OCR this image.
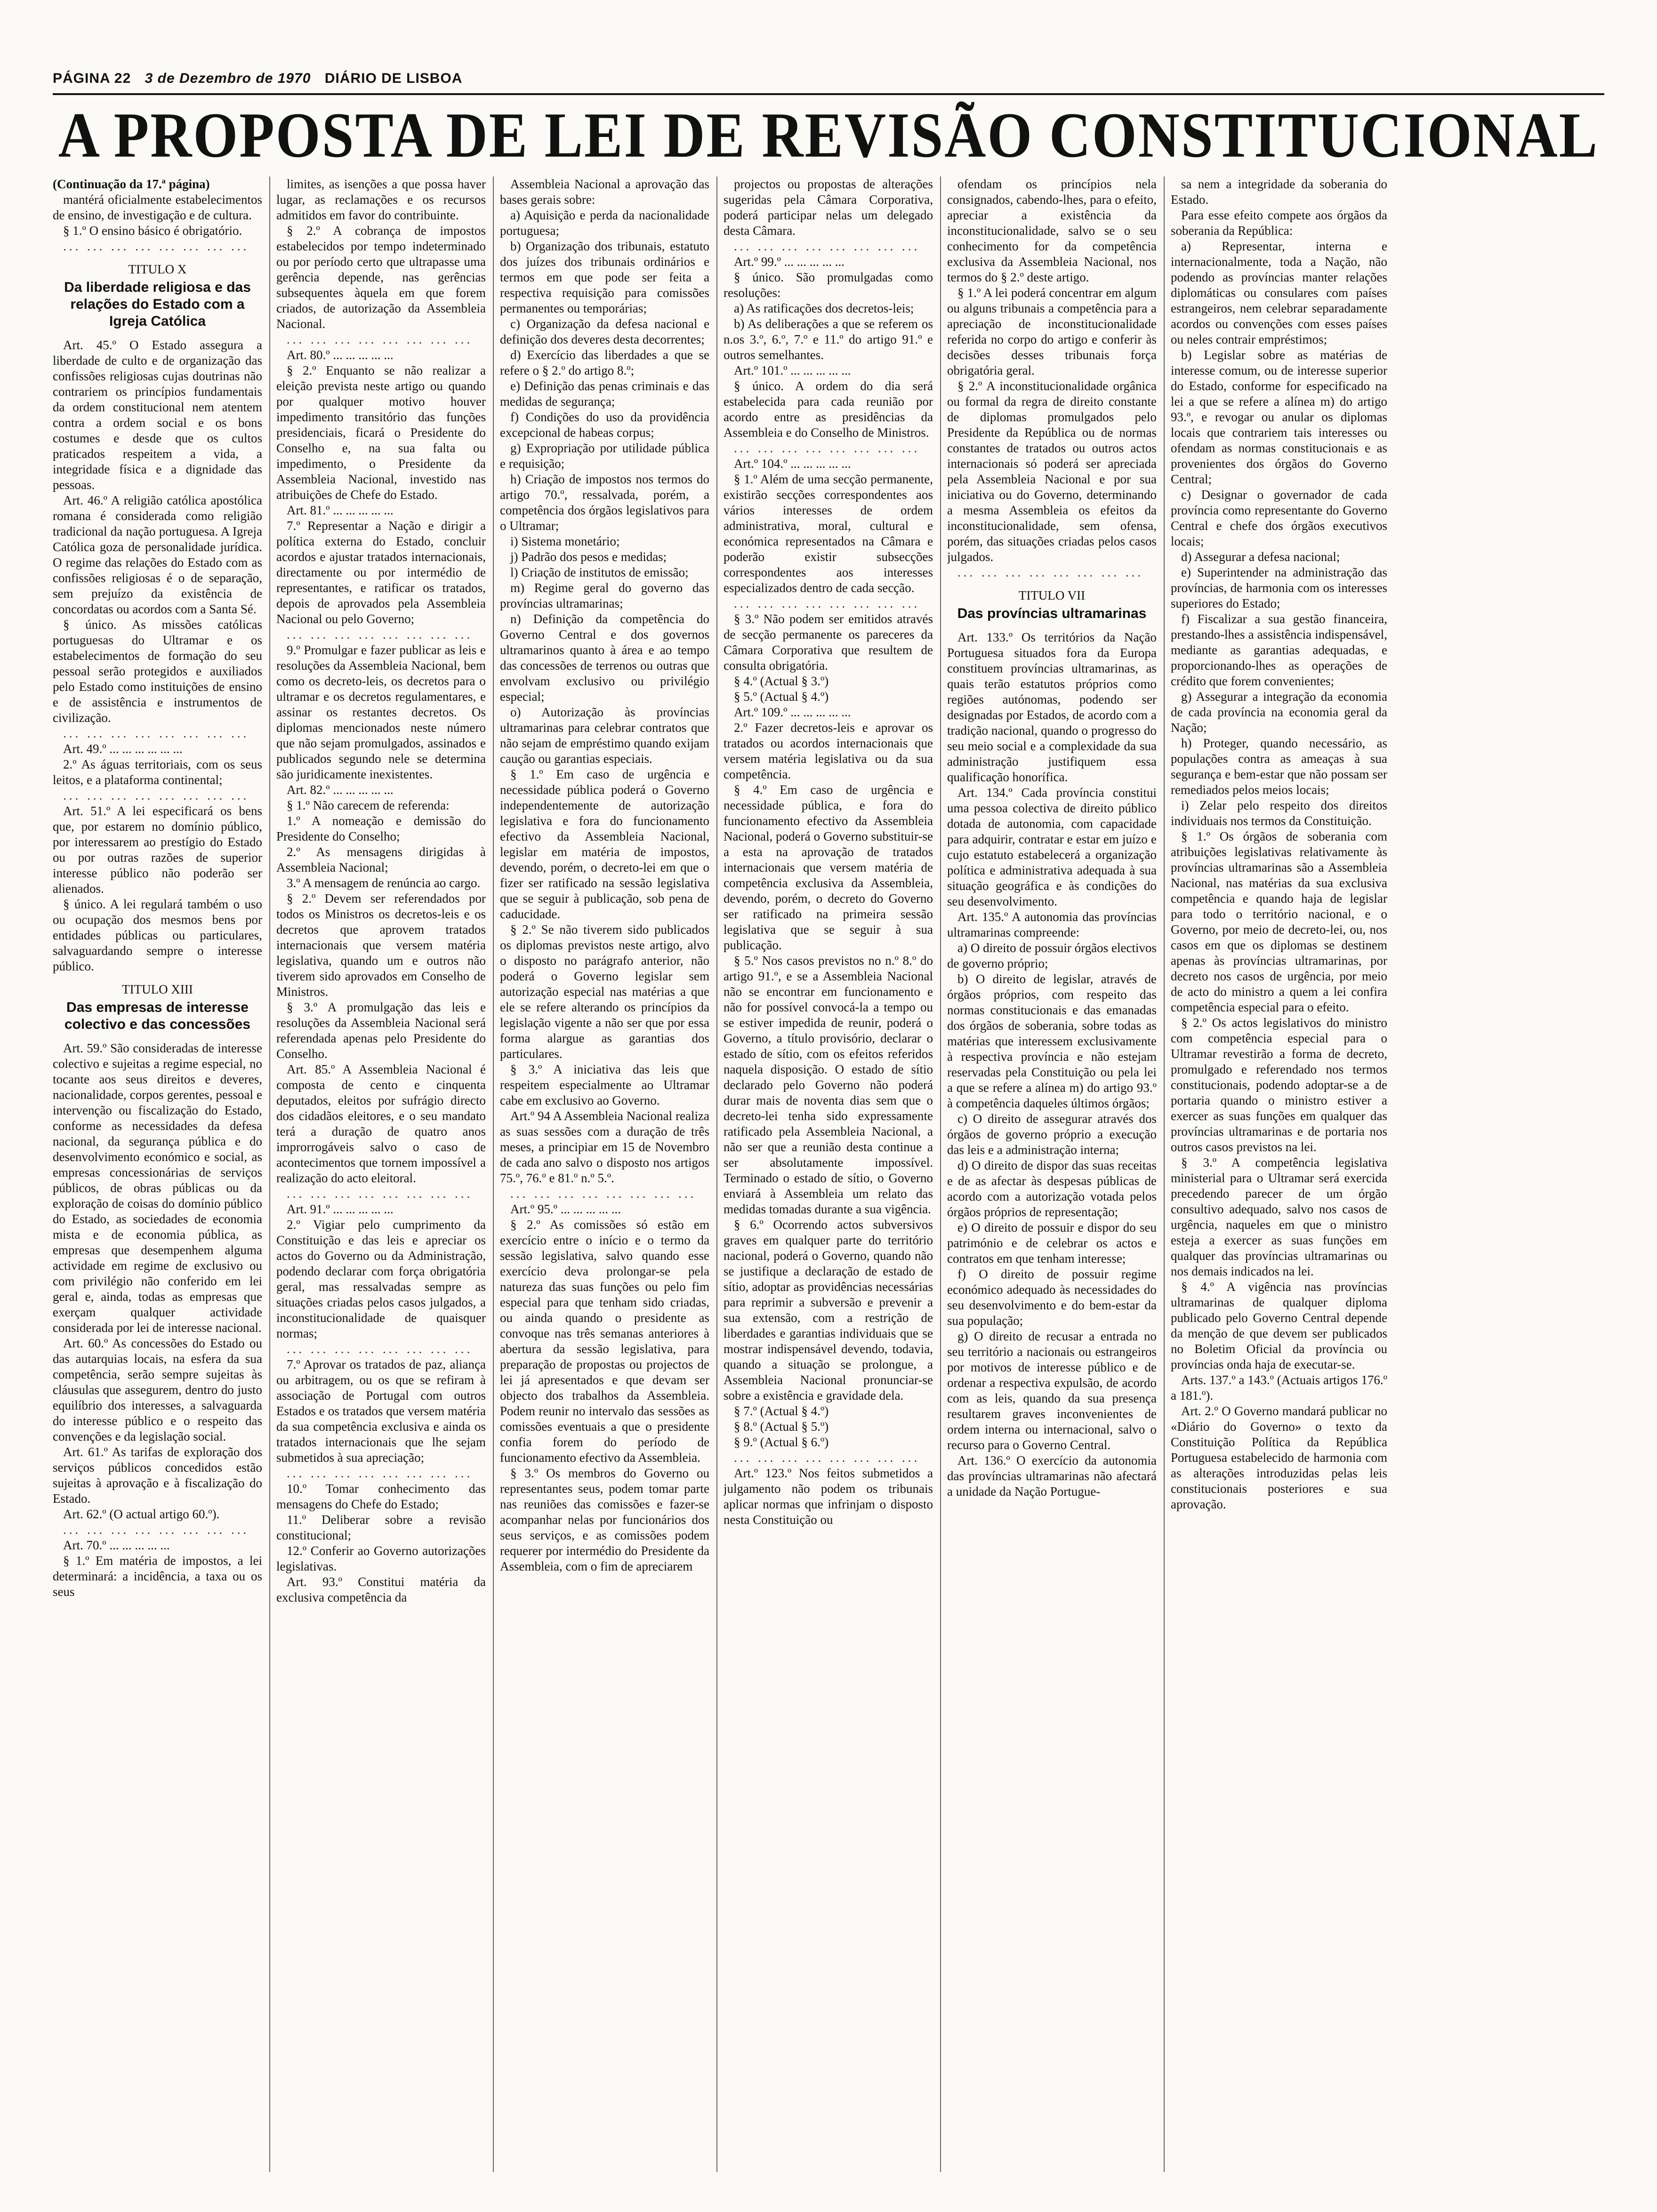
PÁGINA 22 3 de Dezembro de 1970 DIÁRIO DE LISBOA
A PROPOSTA DE LEI DE REVISÃO CONSTITUCIONAL

(Continuação da 17.ª página)

mantérá oficialmente estabelecimentos de ensino, de investigação e de cultura.

§ 1.º O ensino básico é obrigatório.

... ... ... ... ... ... ... ...

TITULO X
Da liberdade religiosa e das relações do Estado com a Igreja Católica

Art. 45.º O Estado assegura a liberdade de culto e de organização das confissões religiosas cujas doutrinas não contrariem os princípios fundamentais da ordem constitucional nem atentem contra a ordem social e os bons costumes e desde que os cultos praticados respeitem a vida, a integridade física e a dignidade das pessoas.

Art. 46.º A religião católica apostólica romana é considerada como religião tradicional da nação portuguesa. A Igreja Católica goza de personalidade jurídica. O regime das relações do Estado com as confissões religiosas é o de separação, sem prejuízo da existência de concordatas ou acordos com a Santa Sé.

§ único. As missões católicas portuguesas do Ultramar e os estabelecimentos de formação do seu pessoal serão protegidos e auxiliados pelo Estado como instituições de ensino e de assistência e instrumentos de civilização.

... ... ... ... ... ... ... ...

Art. 49.º ... ... ... ... ... ...

2.º As águas territoriais, com os seus leitos, e a plataforma continental;

... ... ... ... ... ... ... ...

Art. 51.º A lei especificará os bens que, por estarem no domínio público, por interessarem ao prestígio do Estado ou por outras razões de superior interesse público não poderão ser alienados.

§ único. A lei regulará também o uso ou ocupação dos mesmos bens por entidades públicas ou particulares, salvaguardando sempre o interesse público.

TITULO XIII
Das empresas de interesse colectivo e das concessões

Art. 59.º São consideradas de interesse colectivo e sujeitas a regime especial, no tocante aos seus direitos e deveres, nacionalidade, corpos gerentes, pessoal e intervenção ou fiscalização do Estado, conforme as necessidades da defesa nacional, da segurança pública e do desenvolvimento económico e social, as empresas concessionárias de serviços públicos, de obras públicas ou da exploração de coisas do domínio público do Estado, as sociedades de economia mista e de economia pública, as empresas que desempenhem alguma actividade em regime de exclusivo ou com privilégio não conferido em lei geral e, ainda, todas as empresas que exerçam qualquer actividade considerada por lei de interesse nacional.

Art. 60.º As concessões do Estado ou das autarquias locais, na esfera da sua competência, serão sempre sujeitas às cláusulas que assegurem, dentro do justo equilíbrio dos interesses, a salvaguarda do interesse público e o respeito das convenções e da legislação social.

Art. 61.º As tarifas de exploração dos serviços públicos concedidos estão sujeitas à aprovação e à fiscalização do Estado.

Art. 62.º (O actual artigo 60.º).

... ... ... ... ... ... ... ...

Art. 70.º ... ... ... ... ...

§ 1.º Em matéria de impostos, a lei determinará: a incidência, a taxa ou os seus

limites, as isenções a que possa haver lugar, as reclamações e os recursos admitidos em favor do contribuinte.

§ 2.º A cobrança de impostos estabelecidos por tempo indeterminado ou por período certo que ultrapasse uma gerência depende, nas gerências subsequentes àquela em que forem criados, de autorização da Assembleia Nacional.

... ... ... ... ... ... ... ...

Art. 80.º ... ... ... ... ...

§ 2.º Enquanto se não realizar a eleição prevista neste artigo ou quando por qualquer motivo houver impedimento transitório das funções presidenciais, ficará o Presidente do Conselho e, na sua falta ou impedimento, o Presidente da Assembleia Nacional, investido nas atribuições de Chefe do Estado.

Art. 81.º ... ... ... ... ...

7.º Representar a Nação e dirigir a política externa do Estado, concluir acordos e ajustar tratados internacionais, directamente ou por intermédio de representantes, e ratificar os tratados, depois de aprovados pela Assembleia Nacional ou pelo Governo;

... ... ... ... ... ... ... ...

9.º Promulgar e fazer publicar as leis e resoluções da Assembleia Nacional, bem como os decreto-leis, os decretos para o ultramar e os decretos regulamentares, e assinar os restantes decretos. Os diplomas mencionados neste número que não sejam promulgados, assinados e publicados segundo nele se determina são juridicamente inexistentes.

Art. 82.º ... ... ... ... ...

§ 1.º Não carecem de referenda:

1.º A nomeação e demissão do Presidente do Conselho;

2.º As mensagens dirigidas à Assembleia Nacional;

3.º A mensagem de renúncia ao cargo.

§ 2.º Devem ser referendados por todos os Ministros os decretos-leis e os decretos que aprovem tratados internacionais que versem matéria legislativa, quando um e outros não tiverem sido aprovados em Conselho de Ministros.

§ 3.º A promulgação das leis e resoluções da Assembleia Nacional será referendada apenas pelo Presidente do Conselho.

Art. 85.º A Assembleia Nacional é composta de cento e cinquenta deputados, eleitos por sufrágio directo dos cidadãos eleitores, e o seu mandato terá a duração de quatro anos improrrogáveis salvo o caso de acontecimentos que tornem impossível a realização do acto eleitoral.

... ... ... ... ... ... ... ...

Art. 91.º ... ... ... ... ...

2.º Vigiar pelo cumprimento da Constituição e das leis e apreciar os actos do Governo ou da Administração, podendo declarar com força obrigatória geral, mas ressalvadas sempre as situações criadas pelos casos julgados, a inconstitucionalidade de quaisquer normas;

... ... ... ... ... ... ... ...

7.º Aprovar os tratados de paz, aliança ou arbitragem, ou os que se refiram à associação de Portugal com outros Estados e os tratados que versem matéria da sua competência exclusiva e ainda os tratados internacionais que lhe sejam submetidos à sua apreciação;

... ... ... ... ... ... ... ...

10.º Tomar conhecimento das mensagens do Chefe do Estado;

11.º Deliberar sobre a revisão constitucional;

12.º Conferir ao Governo autorizações legislativas.

Art. 93.º Constitui matéria da exclusiva competência da

Assembleia Nacional a aprovação das bases gerais sobre:

a) Aquisição e perda da nacionalidade portuguesa;

b) Organização dos tribunais, estatuto dos juízes dos tribunais ordinários e termos em que pode ser feita a respectiva requisição para comissões permanentes ou temporárias;

c) Organização da defesa nacional e definição dos deveres desta decorrentes;

d) Exercício das liberdades a que se refere o § 2.º do artigo 8.º;

e) Definição das penas criminais e das medidas de segurança;

f) Condições do uso da providência excepcional de habeas corpus;

g) Expropriação por utilidade pública e requisição;

h) Criação de impostos nos termos do artigo 70.º, ressalvada, porém, a competência dos órgãos legislativos para o Ultramar;

i) Sistema monetário;

j) Padrão dos pesos e medidas;

l) Criação de institutos de emissão;

m) Regime geral do governo das províncias ultramarinas;

n) Definição da competência do Governo Central e dos governos ultramarinos quanto à área e ao tempo das concessões de terrenos ou outras que envolvam exclusivo ou privilégio especial;

o) Autorização às províncias ultramarinas para celebrar contratos que não sejam de empréstimo quando exijam caução ou garantias especiais.

§ 1.º Em caso de urgência e necessidade pública poderá o Governo independentemente de autorização legislativa e fora do funcionamento efectivo da Assembleia Nacional, legislar em matéria de impostos, devendo, porém, o decreto-lei em que o fizer ser ratificado na sessão legislativa que se seguir à publicação, sob pena de caducidade.

§ 2.º Se não tiverem sido publicados os diplomas previstos neste artigo, alvo o disposto no parágrafo anterior, não poderá o Governo legislar sem autorização especial nas matérias a que ele se refere alterando os princípios da legislação vigente a não ser que por essa forma alargue as garantias dos particulares.

§ 3.º A iniciativa das leis que respeitem especialmente ao Ultramar cabe em exclusivo ao Governo.

Art.º 94 A Assembleia Nacional realiza as suas sessões com a duração de três meses, a principiar em 15 de Novembro de cada ano salvo o disposto nos artigos 75.º, 76.º e 81.º n.º 5.º.

... ... ... ... ... ... ... ...

Art.º 95.º ... ... ... ... ...

§ 2.º As comissões só estão em exercício entre o início e o termo da sessão legislativa, salvo quando esse exercício deva prolongar-se pela natureza das suas funções ou pelo fim especial para que tenham sido criadas, ou ainda quando o presidente as convoque nas três semanas anteriores à abertura da sessão legislativa, para preparação de propostas ou projectos de lei já apresentados e que devam ser objecto dos trabalhos da Assembleia. Podem reunir no intervalo das sessões as comissões eventuais a que o presidente confia forem do período de funcionamento efectivo da Assembleia.

§ 3.º Os membros do Governo ou representantes seus, podem tomar parte nas reuniões das comissões e fazer-se acompanhar nelas por funcionários dos seus serviços, e as comissões podem requerer por intermédio do Presidente da Assembleia, com o fim de apreciarem

projectos ou propostas de alterações sugeridas pela Câmara Corporativa, poderá participar nelas um delegado desta Câmara.

... ... ... ... ... ... ... ...

Art.º 99.º ... ... ... ... ...

§ único. São promulgadas como resoluções:

a) As ratificações dos decretos-leis;

b) As deliberações a que se referem os n.os 3.º, 6.º, 7.º e 11.º do artigo 91.º e outros semelhantes.

Art.º 101.º ... ... ... ... ...

§ único. A ordem do dia será estabelecida para cada reunião por acordo entre as presidências da Assembleia e do Conselho de Ministros.

... ... ... ... ... ... ... ...

Art.º 104.º ... ... ... ... ...

§ 1.º Além de uma secção permanente, existirão secções correspondentes aos vários interesses de ordem administrativa, moral, cultural e económica representados na Câmara e poderão existir subsecções correspondentes aos interesses especializados dentro de cada secção.

... ... ... ... ... ... ... ...

§ 3.º Não podem ser emitidos através de secção permanente os pareceres da Câmara Corporativa que resultem de consulta obrigatória.

§ 4.º (Actual § 3.º)

§ 5.º (Actual § 4.º)

Art.º 109.º ... ... ... ... ...

2.º Fazer decretos-leis e aprovar os tratados ou acordos internacionais que versem matéria legislativa ou da sua competência.

§ 4.º Em caso de urgência e necessidade pública, e fora do funcionamento efectivo da Assembleia Nacional, poderá o Governo substituir-se a esta na aprovação de tratados internacionais que versem matéria de competência exclusiva da Assembleia, devendo, porém, o decreto do Governo ser ratificado na primeira sessão legislativa que se seguir à sua publicação.

§ 5.º Nos casos previstos no n.º 8.º do artigo 91.º, e se a Assembleia Nacional não se encontrar em funcionamento e não for possível convocá-la a tempo ou se estiver impedida de reunir, poderá o Governo, a título provisório, declarar o estado de sítio, com os efeitos referidos naquela disposição. O estado de sítio declarado pelo Governo não poderá durar mais de noventa dias sem que o decreto-lei tenha sido expressamente ratificado pela Assembleia Nacional, a não ser que a reunião desta continue a ser absolutamente impossível. Terminado o estado de sítio, o Governo enviará à Assembleia um relato das medidas tomadas durante a sua vigência.

§ 6.º Ocorrendo actos subversivos graves em qualquer parte do território nacional, poderá o Governo, quando não se justifique a declaração de estado de sítio, adoptar as providências necessárias para reprimir a subversão e prevenir a sua extensão, com a restrição de liberdades e garantias individuais que se mostrar indispensável devendo, todavia, quando a situação se prolongue, a Assembleia Nacional pronunciar-se sobre a existência e gravidade dela.

§ 7.º (Actual § 4.º)

§ 8.º (Actual § 5.º)

§ 9.º (Actual § 6.º)

... ... ... ... ... ... ... ...

Art.º 123.º Nos feitos submetidos a julgamento não podem os tribunais aplicar normas que infrinjam o disposto nesta Constituição ou

ofendam os princípios nela consignados, cabendo-lhes, para o efeito, apreciar a existência da inconstitucionalidade, salvo se o seu conhecimento for da competência exclusiva da Assembleia Nacional, nos termos do § 2.º deste artigo.

§ 1.º A lei poderá concentrar em algum ou alguns tribunais a competência para a apreciação de inconstitucionalidade referida no corpo do artigo e conferir às decisões desses tribunais força obrigatória geral.

§ 2.º A inconstitucionalidade orgânica ou formal da regra de direito constante de diplomas promulgados pelo Presidente da República ou de normas constantes de tratados ou outros actos internacionais só poderá ser apreciada pela Assembleia Nacional e por sua iniciativa ou do Governo, determinando a mesma Assembleia os efeitos da inconstitucionalidade, sem ofensa, porém, das situações criadas pelos casos julgados.

... ... ... ... ... ... ... ...

TITULO VII
Das províncias ultramarinas

Art. 133.º Os territórios da Nação Portuguesa situados fora da Europa constituem províncias ultramarinas, as quais terão estatutos próprios como regiões autónomas, podendo ser designadas por Estados, de acordo com a tradição nacional, quando o progresso do seu meio social e a complexidade da sua administração justifiquem essa qualificação honorífica.

Art. 134.º Cada província constitui uma pessoa colectiva de direito público dotada de autonomia, com capacidade para adquirir, contratar e estar em juízo e cujo estatuto estabelecerá a organização política e administrativa adequada à sua situação geográfica e às condições do seu desenvolvimento.

Art. 135.º A autonomia das províncias ultramarinas compreende:

a) O direito de possuir órgãos electivos de governo próprio;

b) O direito de legislar, através de órgãos próprios, com respeito das normas constitucionais e das emanadas dos órgãos de soberania, sobre todas as matérias que interessem exclusivamente à respectiva província e não estejam reservadas pela Constituição ou pela lei a que se refere a alínea m) do artigo 93.º à competência daqueles últimos órgãos;

c) O direito de assegurar através dos órgãos de governo próprio a execução das leis e a administração interna;

d) O direito de dispor das suas receitas e de as afectar às despesas públicas de acordo com a autorização votada pelos órgãos próprios de representação;

e) O direito de possuir e dispor do seu património e de celebrar os actos e contratos em que tenham interesse;

f) O direito de possuir regime económico adequado às necessidades do seu desenvolvimento e do bem-estar da sua população;

g) O direito de recusar a entrada no seu território a nacionais ou estrangeiros por motivos de interesse público e de ordenar a respectiva expulsão, de acordo com as leis, quando da sua presença resultarem graves inconvenientes de ordem interna ou internacional, salvo o recurso para o Governo Central.

Art. 136.º O exercício da autonomia das províncias ultramarinas não afectará a unidade da Nação Portugue-

sa nem a integridade da soberania do Estado.

Para esse efeito compete aos órgãos da soberania da República:

a) Representar, interna e internacionalmente, toda a Nação, não podendo as províncias manter relações diplomáticas ou consulares com países estrangeiros, nem celebrar separadamente acordos ou convenções com esses países ou neles contrair empréstimos;

b) Legislar sobre as matérias de interesse comum, ou de interesse superior do Estado, conforme for especificado na lei a que se refere a alínea m) do artigo 93.º, e revogar ou anular os diplomas locais que contrariem tais interesses ou ofendam as normas constitucionais e as provenientes dos órgãos do Governo Central;

c) Designar o governador de cada província como representante do Governo Central e chefe dos órgãos executivos locais;

d) Assegurar a defesa nacional;

e) Superintender na administração das províncias, de harmonia com os interesses superiores do Estado;

f) Fiscalizar a sua gestão financeira, prestando-lhes a assistência indispensável, mediante as garantias adequadas, e proporcionando-lhes as operações de crédito que forem convenientes;

g) Assegurar a integração da economia de cada província na economia geral da Nação;

h) Proteger, quando necessário, as populações contra as ameaças à sua segurança e bem-estar que não possam ser remediados pelos meios locais;

i) Zelar pelo respeito dos direitos individuais nos termos da Constituição.

§ 1.º Os órgãos de soberania com atribuições legislativas relativamente às províncias ultramarinas são a Assembleia Nacional, nas matérias da sua exclusiva competência e quando haja de legislar para todo o território nacional, e o Governo, por meio de decreto-lei, ou, nos casos em que os diplomas se destinem apenas às províncias ultramarinas, por decreto nos casos de urgência, por meio de acto do ministro a quem a lei confira competência especial para o efeito.

§ 2.º Os actos legislativos do ministro com competência especial para o Ultramar revestirão a forma de decreto, promulgado e referendado nos termos constitucionais, podendo adoptar-se a de portaria quando o ministro estiver a exercer as suas funções em qualquer das províncias ultramarinas e de portaria nos outros casos previstos na lei.

§ 3.º A competência legislativa ministerial para o Ultramar será exercida precedendo parecer de um órgão consultivo adequado, salvo nos casos de urgência, naqueles em que o ministro esteja a exercer as suas funções em qualquer das províncias ultramarinas ou nos demais indicados na lei.

§ 4.º A vigência nas províncias ultramarinas de qualquer diploma publicado pelo Governo Central depende da menção de que devem ser publicados no Boletim Oficial da província ou províncias onda haja de executar-se.

Arts. 137.º a 143.º (Actuais artigos 176.º a 181.º).

Art. 2.º O Governo mandará publicar no «Diário do Governo» o texto da Constituição Política da República Portuguesa estabelecido de harmonia com as alterações introduzidas pelas leis constitucionais posteriores e sua aprovação.
